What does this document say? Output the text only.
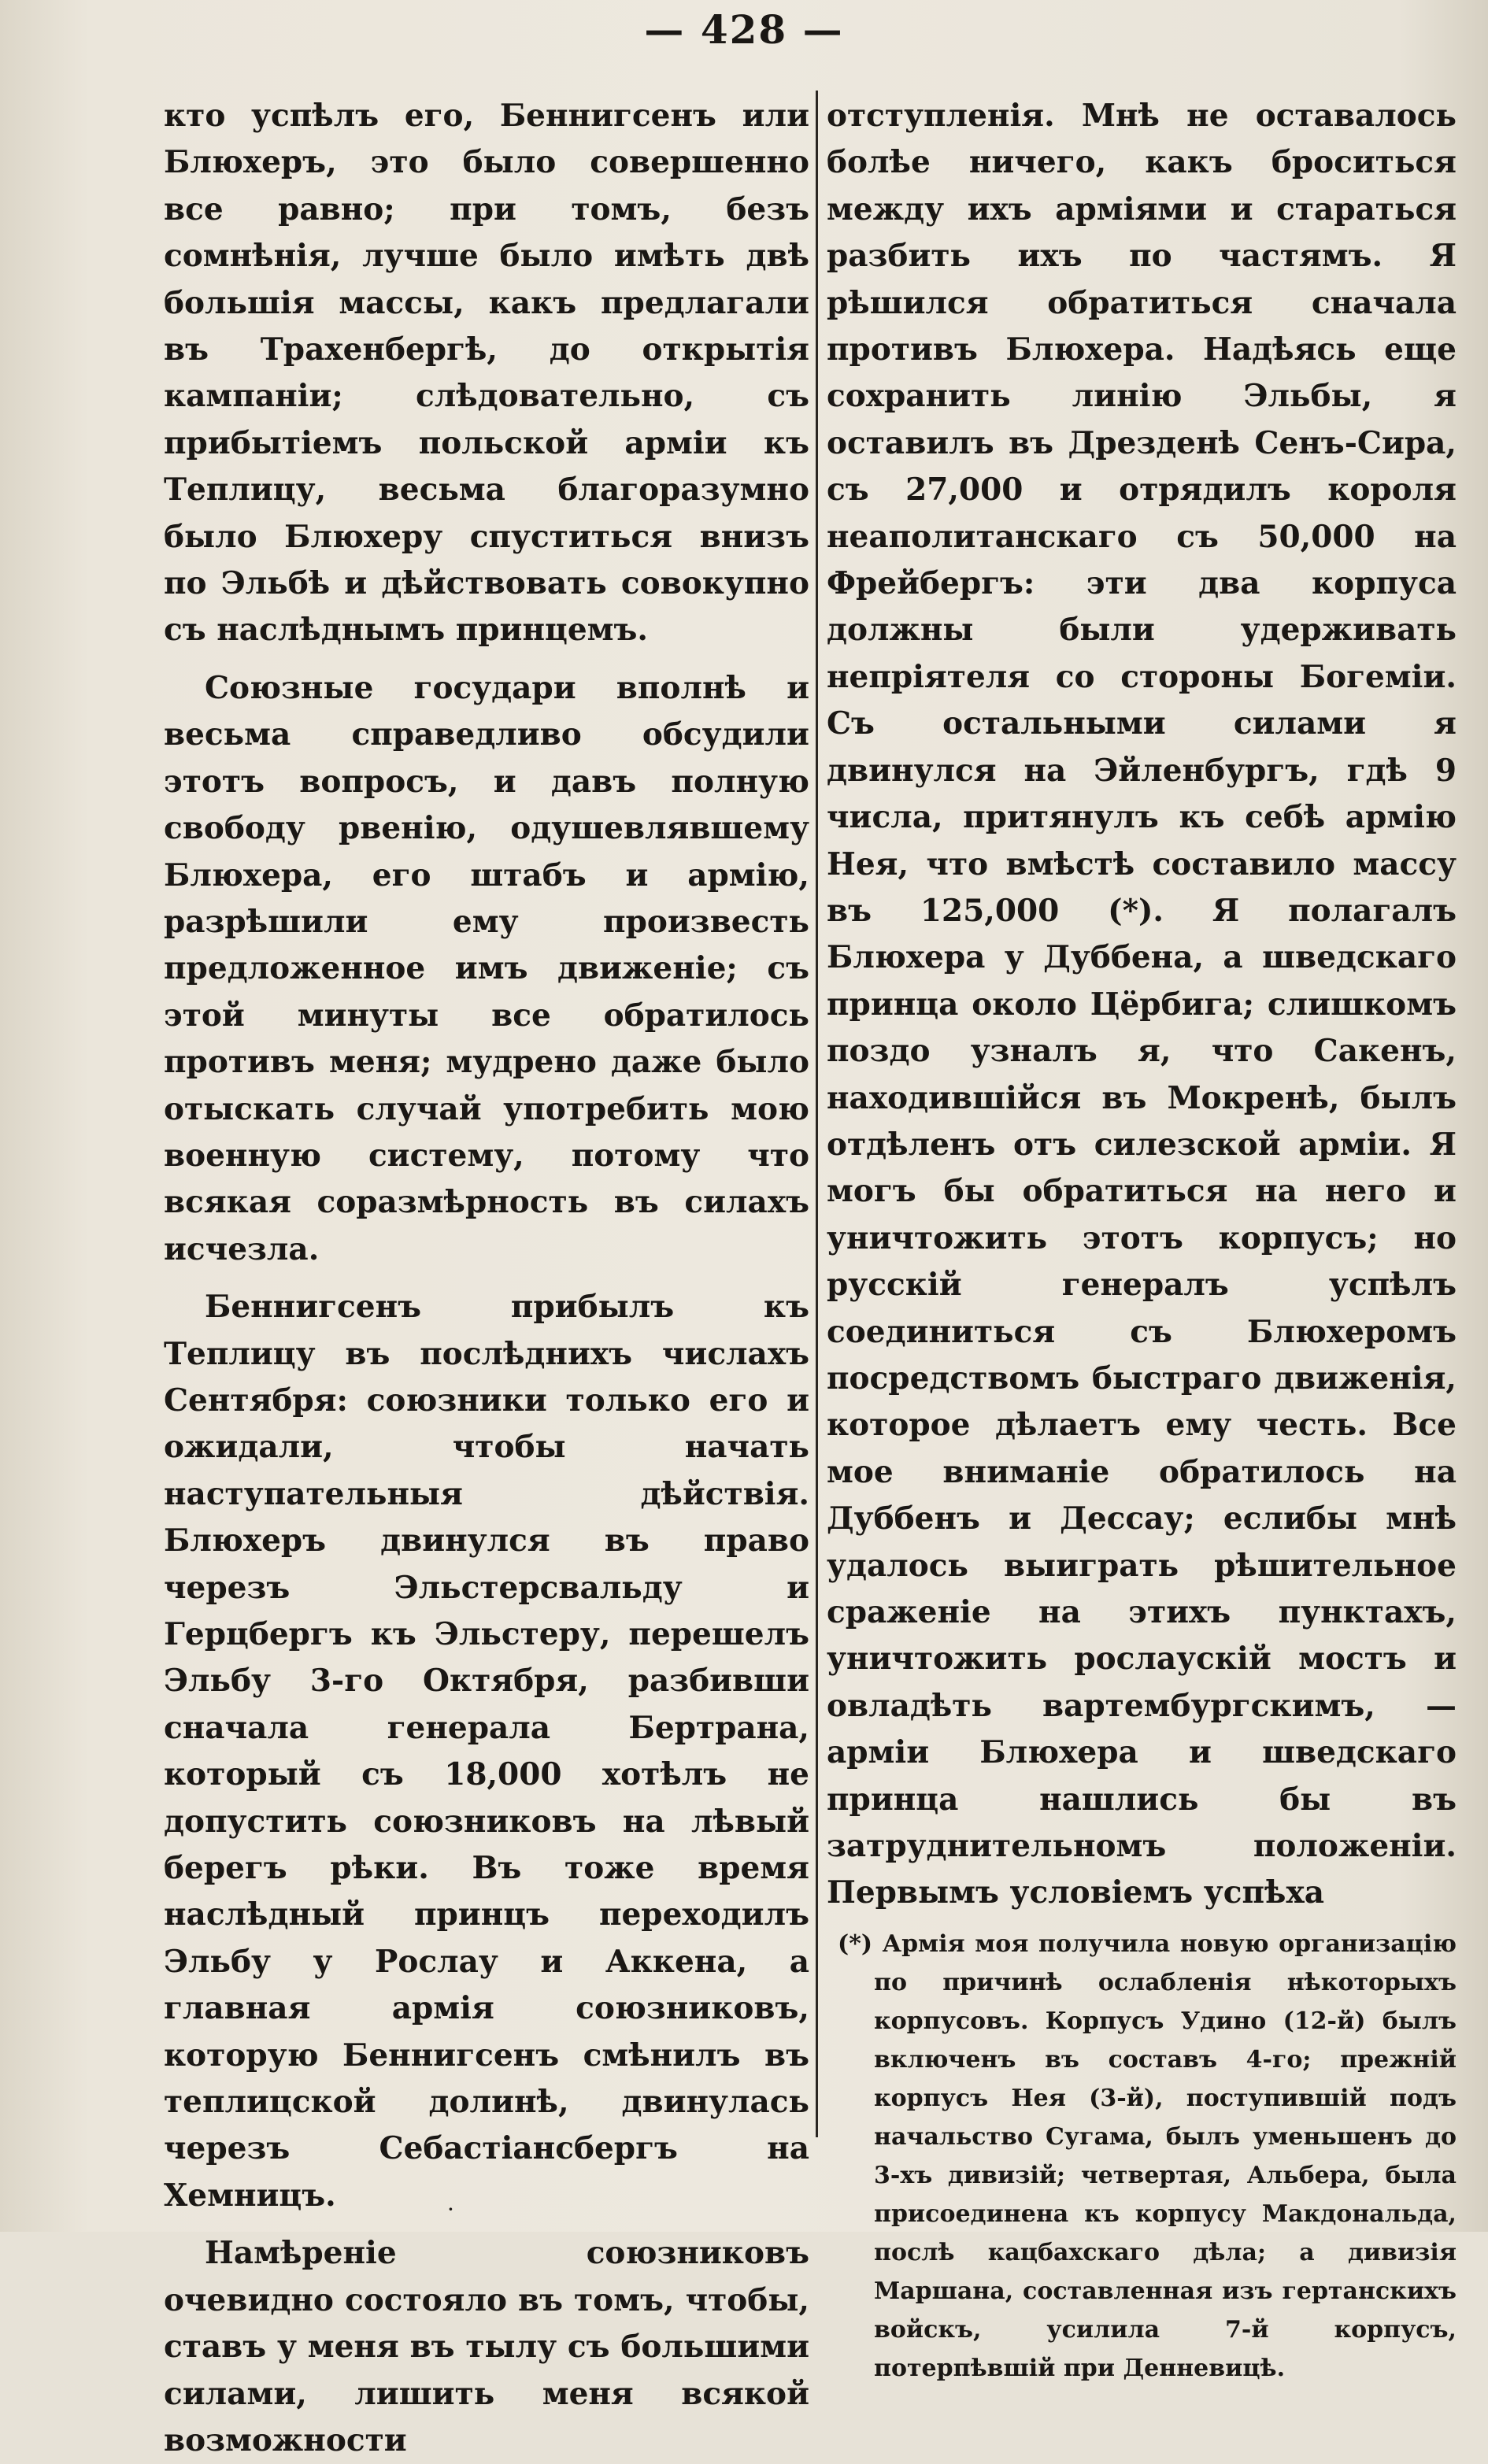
— 428 —

кто успѣлъ его, Беннигсенъ или Блюхеръ, это было совершенно все равно; при томъ, безъ сомнѣнія, лучше было имѣть двѣ большія массы, какъ предлагали въ Трахенбергѣ, до открытія кампаніи; слѣдовательно, съ прибытіемъ польской арміи къ Теплицу, весьма благоразумно было Блюхеру спуститься внизъ по Эльбѣ и дѣйствовать совокупно съ наслѣднымъ принцемъ.

Союзные государи вполнѣ и весьма справедливо обсудили этотъ вопросъ, и давъ полную свободу рвенію, одушевлявшему Блюхера, его штабъ и армію, разрѣшили ему произвесть предложенное имъ движеніе; съ этой минуты все обратилось противъ меня; мудрено даже было отыскать случай употребить мою военную систему, потому что всякая соразмѣрность въ силахъ исчезла.

Беннигсенъ прибылъ къ Теплицу въ послѣднихъ числахъ Сентября: союзники только его и ожидали, чтобы начать наступательныя дѣйствія. Блюхеръ двинулся въ право черезъ Эльстерсвальду и Герцбергъ къ Эльстеру, перешелъ Эльбу 3-го Октября, разбивши сначала генерала Бертрана, который съ 18,000 хотѣлъ не допустить союзниковъ на лѣвый берегъ рѣки. Въ тоже время наслѣдный принцъ переходилъ Эльбу у Рослау и Аккена, а главная армія союзниковъ, которую Беннигсенъ смѣнилъ въ теплицской долинѣ, двинулась черезъ Себастіансбергъ на Хемницъ.

Намѣреніе союзниковъ очевидно состояло въ томъ, чтобы, ставъ у меня въ тылу съ большими силами, лишить меня всякой возможности

отступленія. Мнѣ не оставалось болѣе ничего, какъ броситься между ихъ арміями и стараться разбить ихъ по частямъ. Я рѣшился обратиться сначала противъ Блюхера. Надѣясь еще сохранить линію Эльбы, я оставилъ въ Дрезденѣ Сенъ-Сира, съ 27,000 и отрядилъ короля неаполитанскаго съ 50,000 на Фрейбергъ: эти два корпуса должны были удерживать непріятеля со стороны Богеміи. Съ остальными силами я двинулся на Эйленбургъ, гдѣ 9 числа, притянулъ къ себѣ армію Нея, что вмѣстѣ составило массу въ 125,000 (*). Я полагалъ Блюхера у Дуббена, а шведскаго принца около Цёрбига; слишкомъ поздо узналъ я, что Сакенъ, находившійся въ Мокренѣ, былъ отдѣленъ отъ силезской арміи. Я могъ бы обратиться на него и уничтожить этотъ корпусъ; но русскій генералъ успѣлъ соединиться съ Блюхеромъ посредствомъ быстраго движенія, которое дѣлаетъ ему честь. Все мое вниманіе обратилось на Дуббенъ и Дессау; еслибы мнѣ удалось выиграть рѣшительное сраженіе на этихъ пунктахъ, уничтожить рослаускій мостъ и овладѣть вартембургскимъ, — арміи Блюхера и шведскаго принца нашлись бы въ затруднительномъ положеніи. Первымъ условіемъ успѣха

(*) Армія моя получила новую организацію по причинѣ ослабленія нѣкоторыхъ корпусовъ. Корпусъ Удино (12-й) былъ включенъ въ составъ 4-го; прежній корпусъ Нея (3-й), поступившій подъ начальство Сугама, былъ уменьшенъ до 3-хъ дивизій; четвертая, Альбера, была присоединена къ корпусу Макдональда, послѣ кацбахскаго дѣла; а дивизія Маршана, составленная изъ гертанскихъ войскъ, усилила 7-й корпусъ, потерпѣвшій при Денневицѣ.

·
